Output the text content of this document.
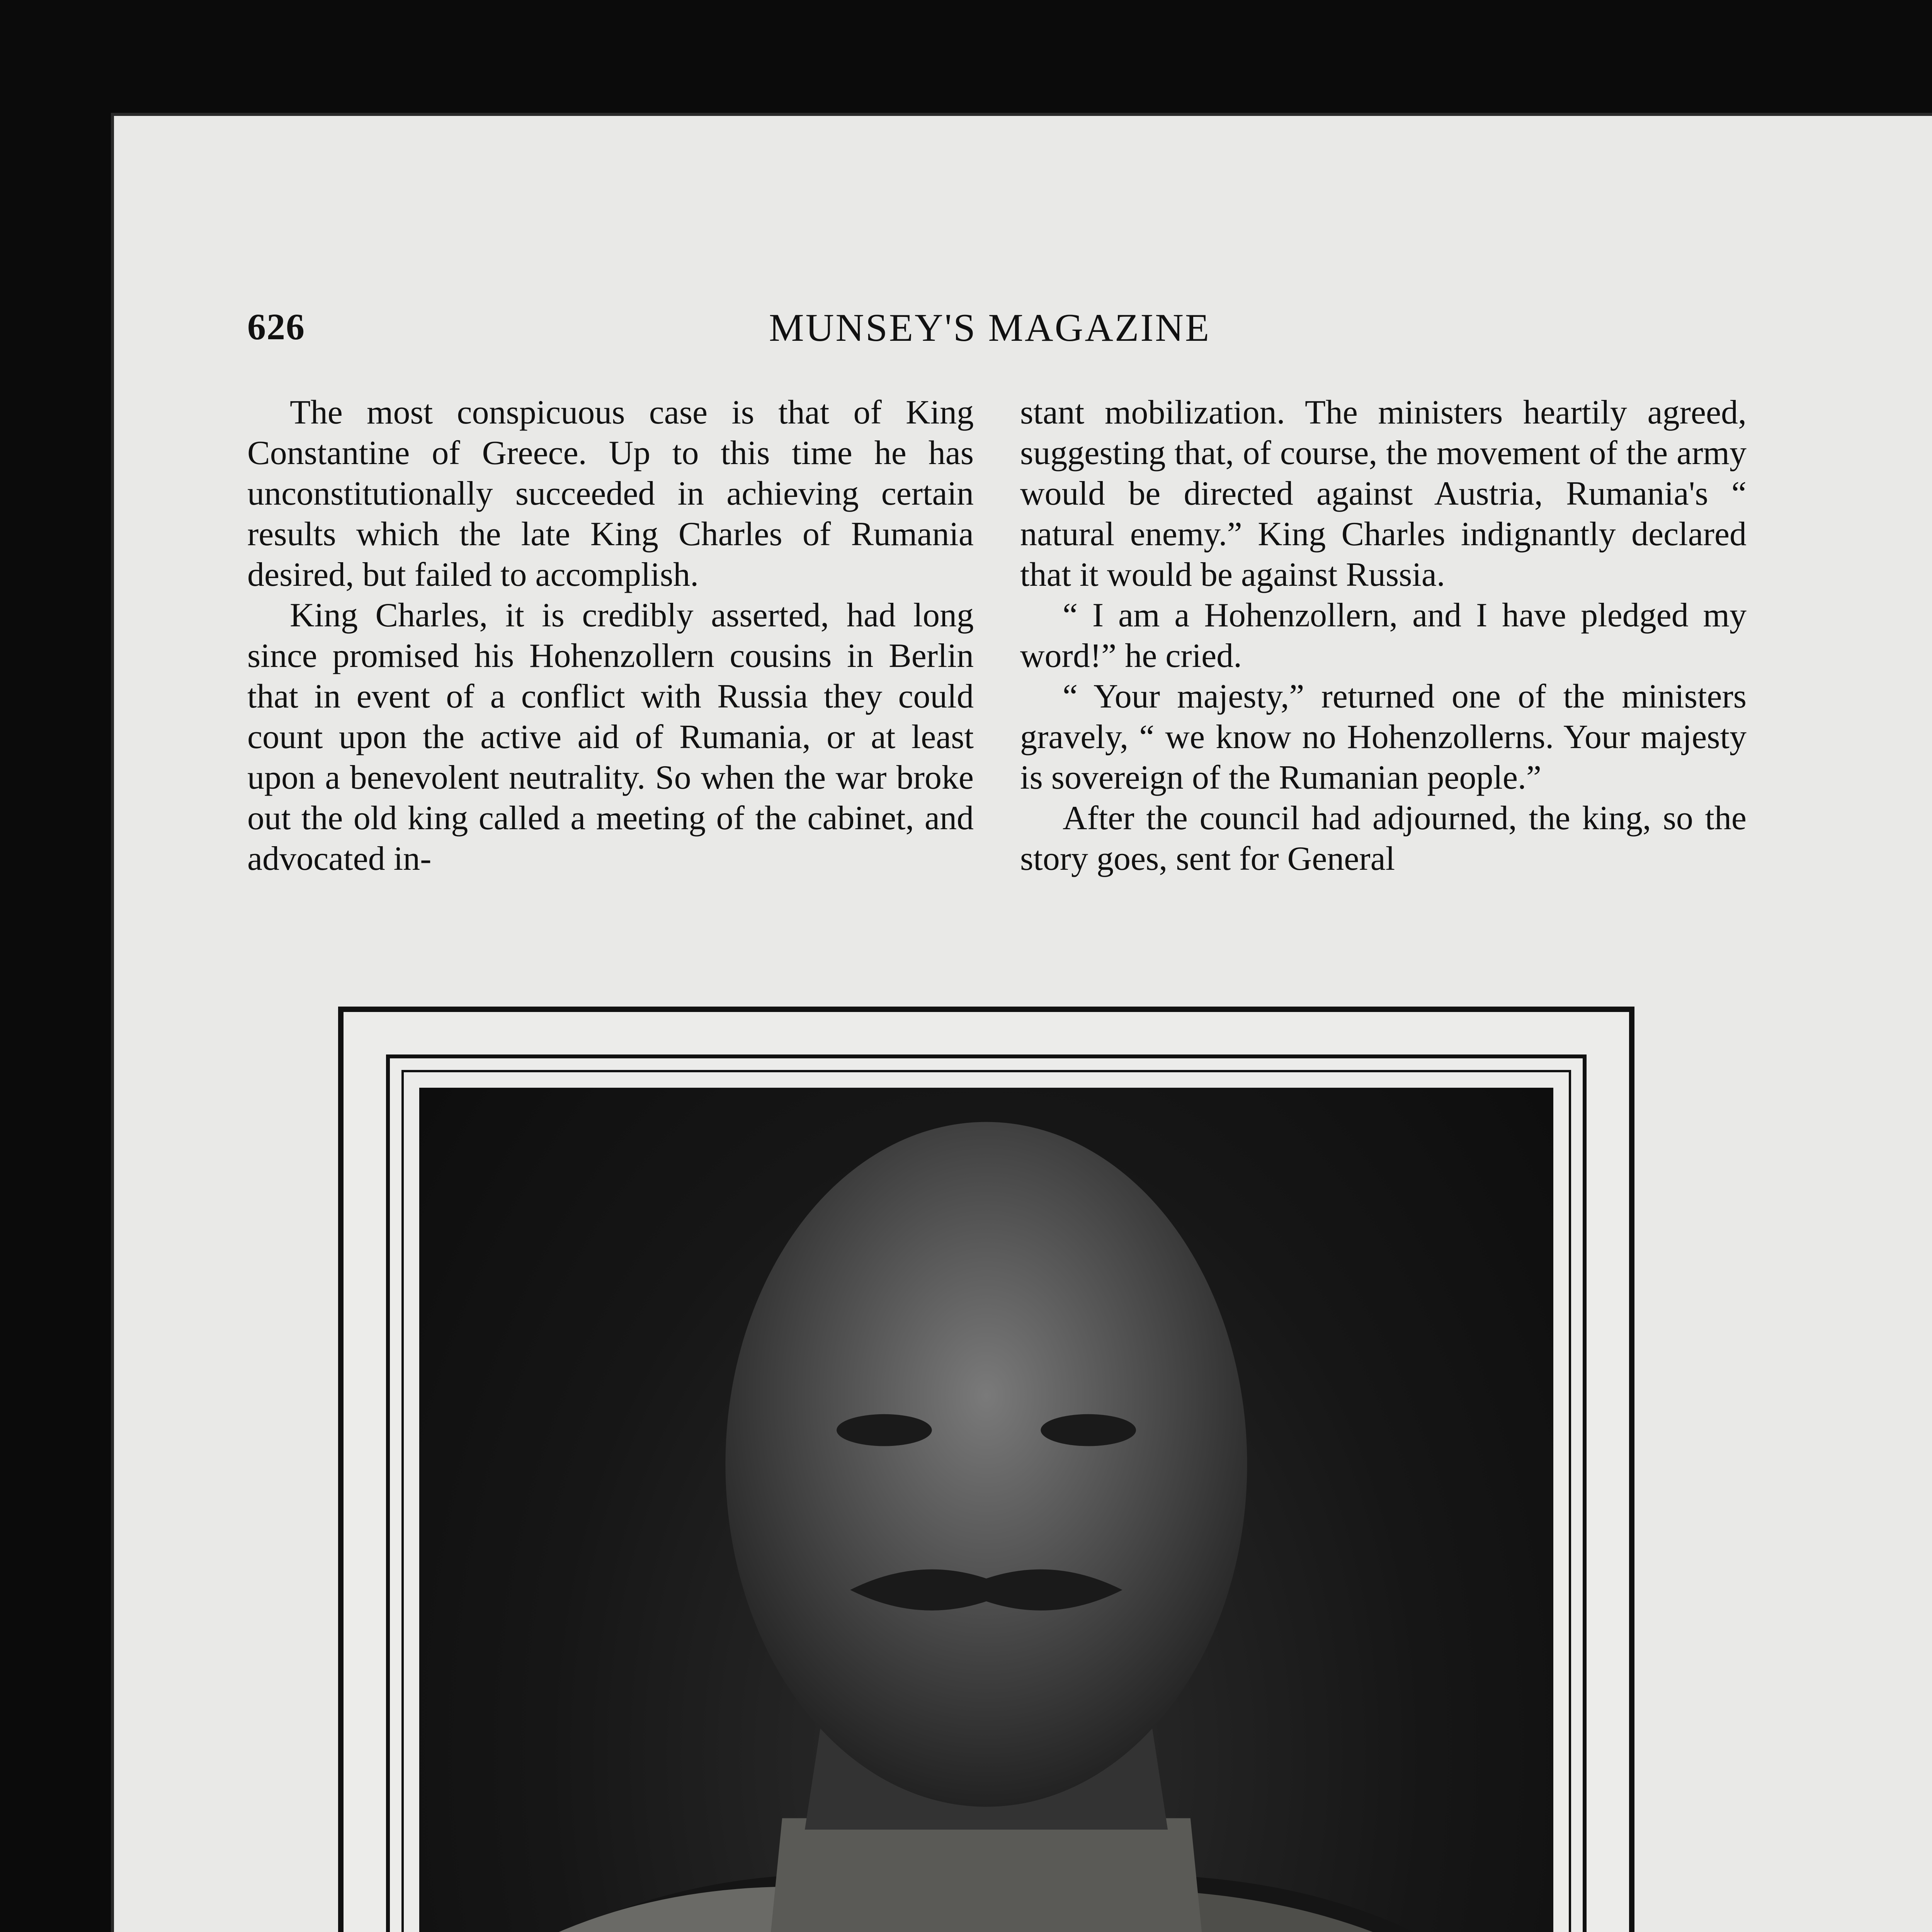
626	MUNSEY'S MAGAZINE

The most conspicuous case is that of King Constantine of Greece. Up to this time he has unconstitutionally succeeded in achieving certain results which the late King Charles of Rumania desired, but failed to accomplish.

King Charles, it is credibly asserted, had long since promised his Hohenzollern cousins in Berlin that in event of a conflict with Russia they could count upon the active aid of Rumania, or at least upon a benevolent neutrality. So when the war broke out the old king called a meeting of the cabinet, and advocated in-

stant mobilization. The ministers heartily agreed, suggesting that, of course, the movement of the army would be directed against Austria, Rumania's “ natural enemy.” King Charles indignantly declared that it would be against Russia.

“ I am a Hohenzollern, and I have pledged my word!” he cried.

“ Your majesty,” returned one of the ministers gravely, “ we know no Hohenzollerns. Your majesty is sovereign of the Rumanian people.”

After the council had adjourned, the king, so the story goes, sent for General
